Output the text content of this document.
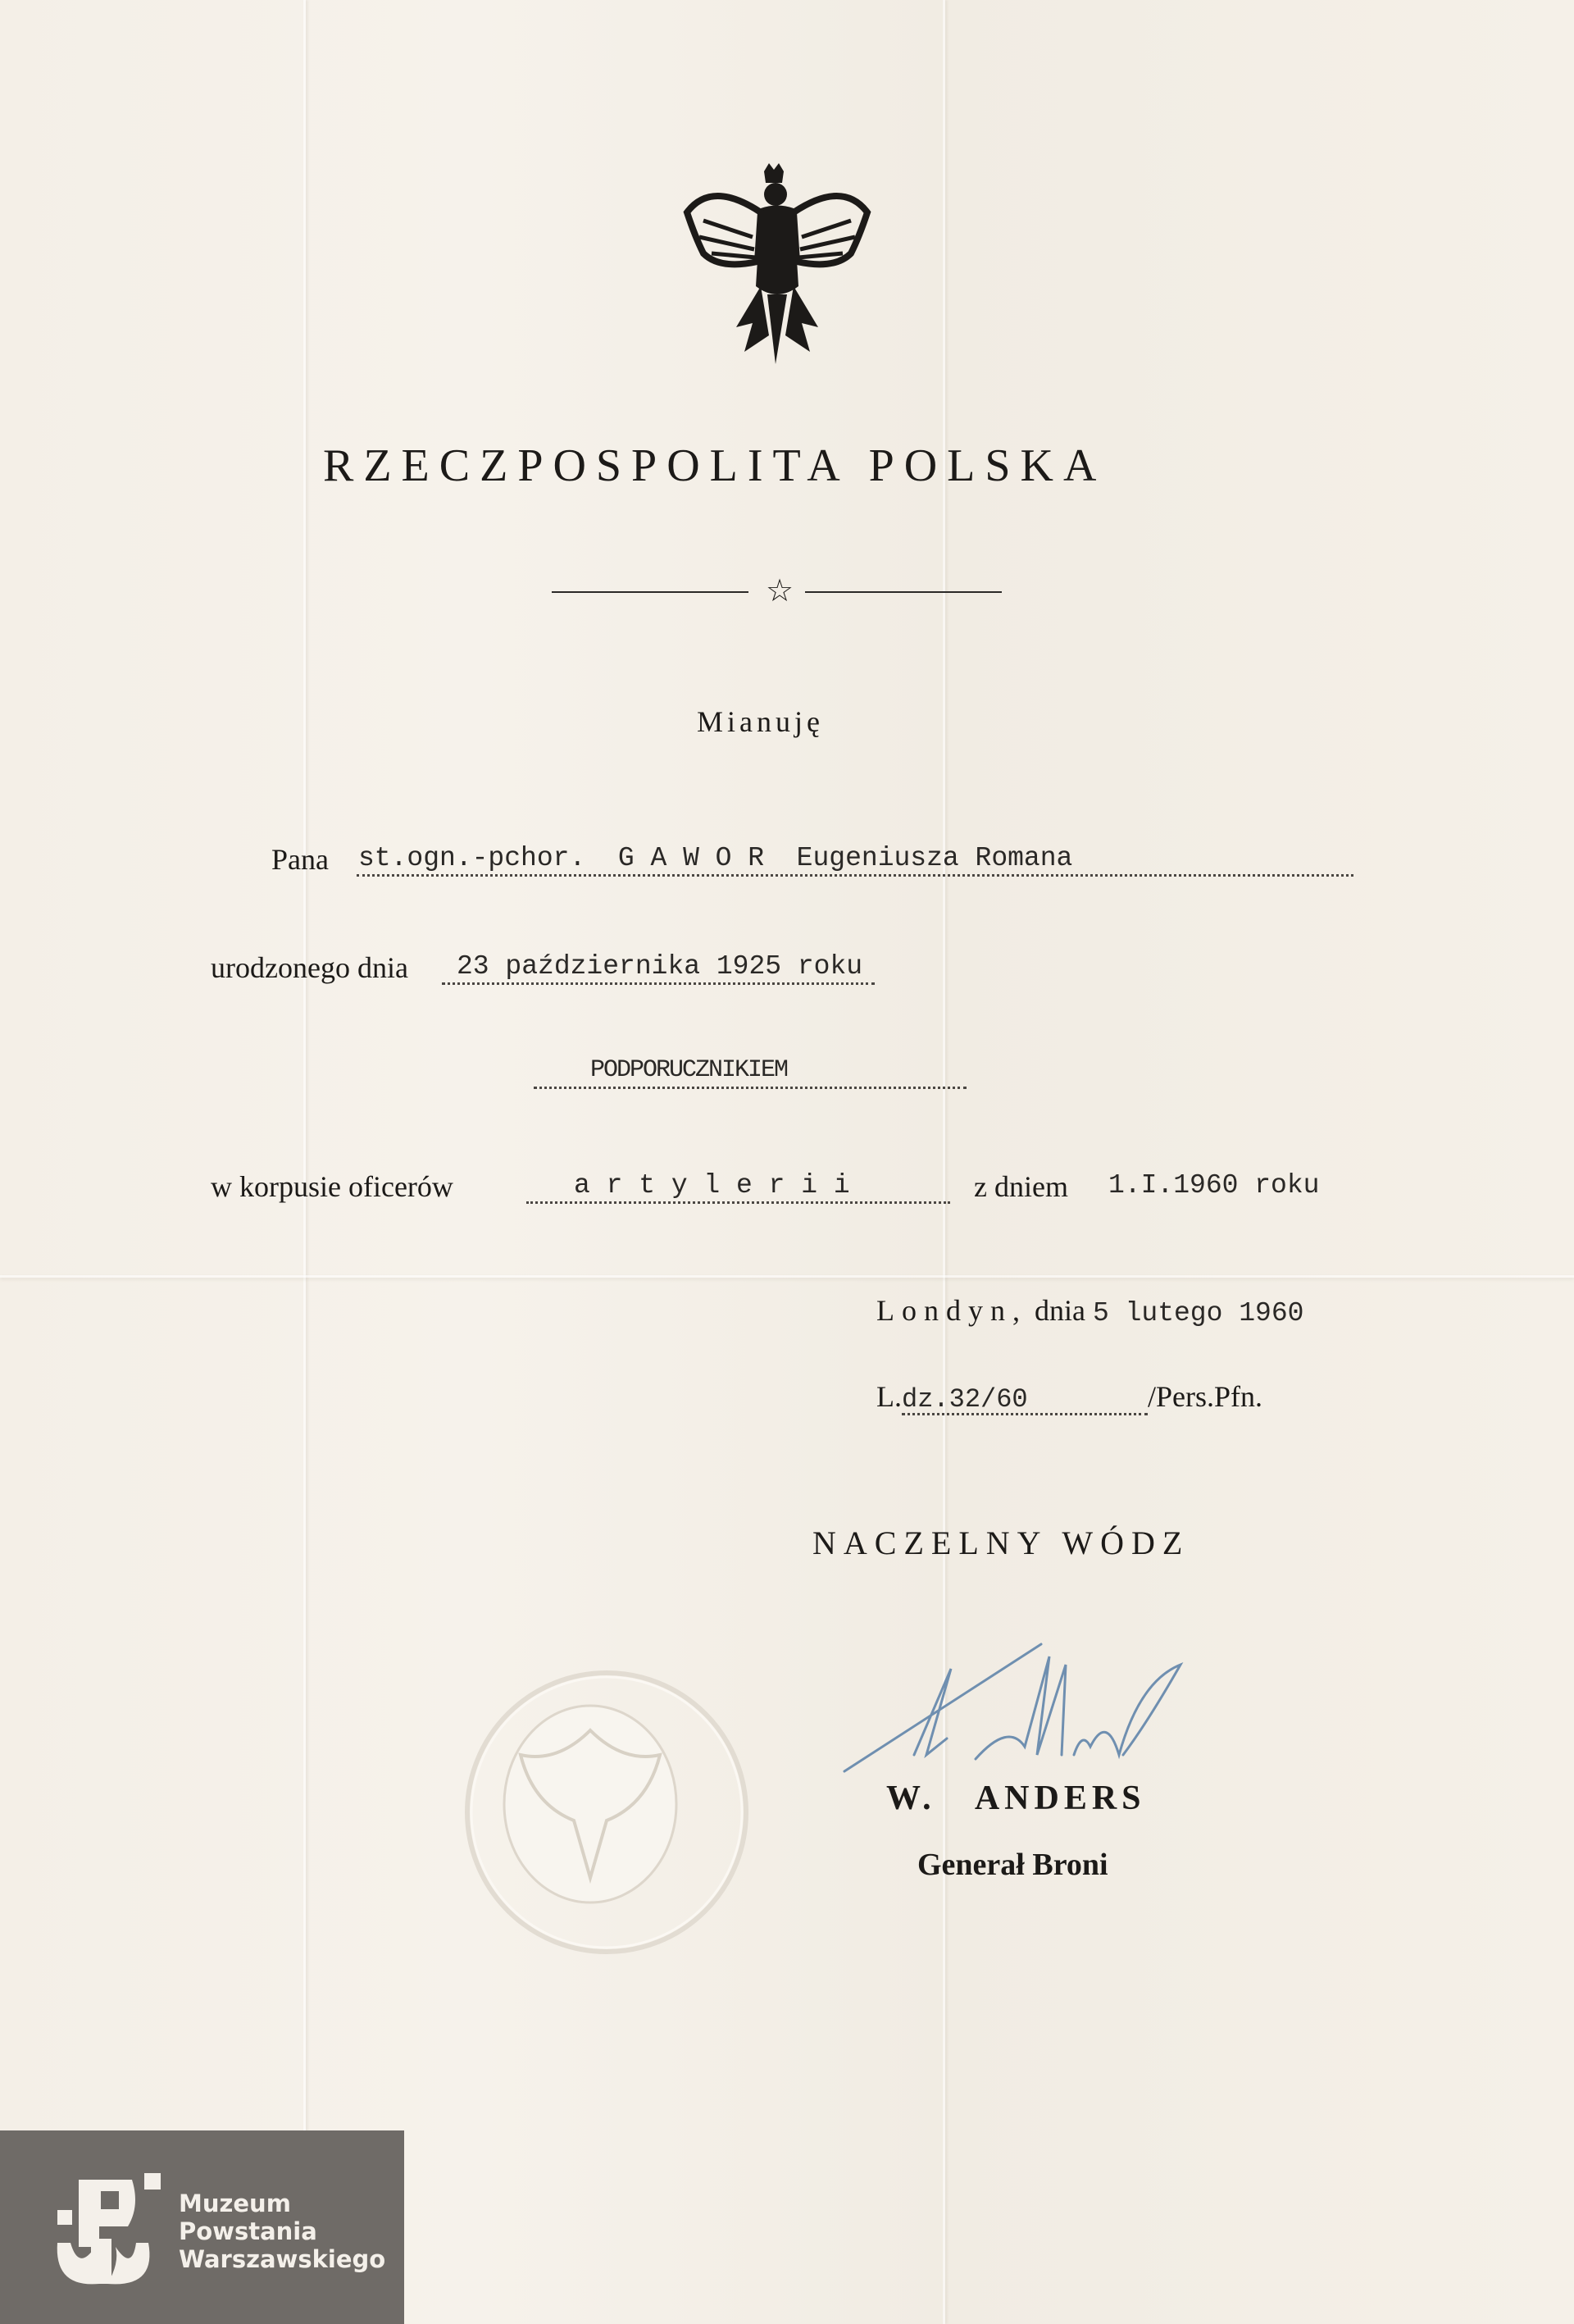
RZECZPOSPOLITA POLSKA
☆
Mianuję
Pana st.ogn.-pchor.  G A W O R  Eugeniusza Romana
urodzonego dnia 23 października 1925 roku
PODPORUCZNIKIEM
w korpusie oficerów	a r t y l e r i i	z dniem 1.I.1960 roku
Londyn, dnia 5 lutego 1960
L.dz.32/60	/Pers.Pfn.
NACZELNY WÓDZ
W.   ANDERS
Generał Broni
Muzeum
Powstania
Warszawskiego
